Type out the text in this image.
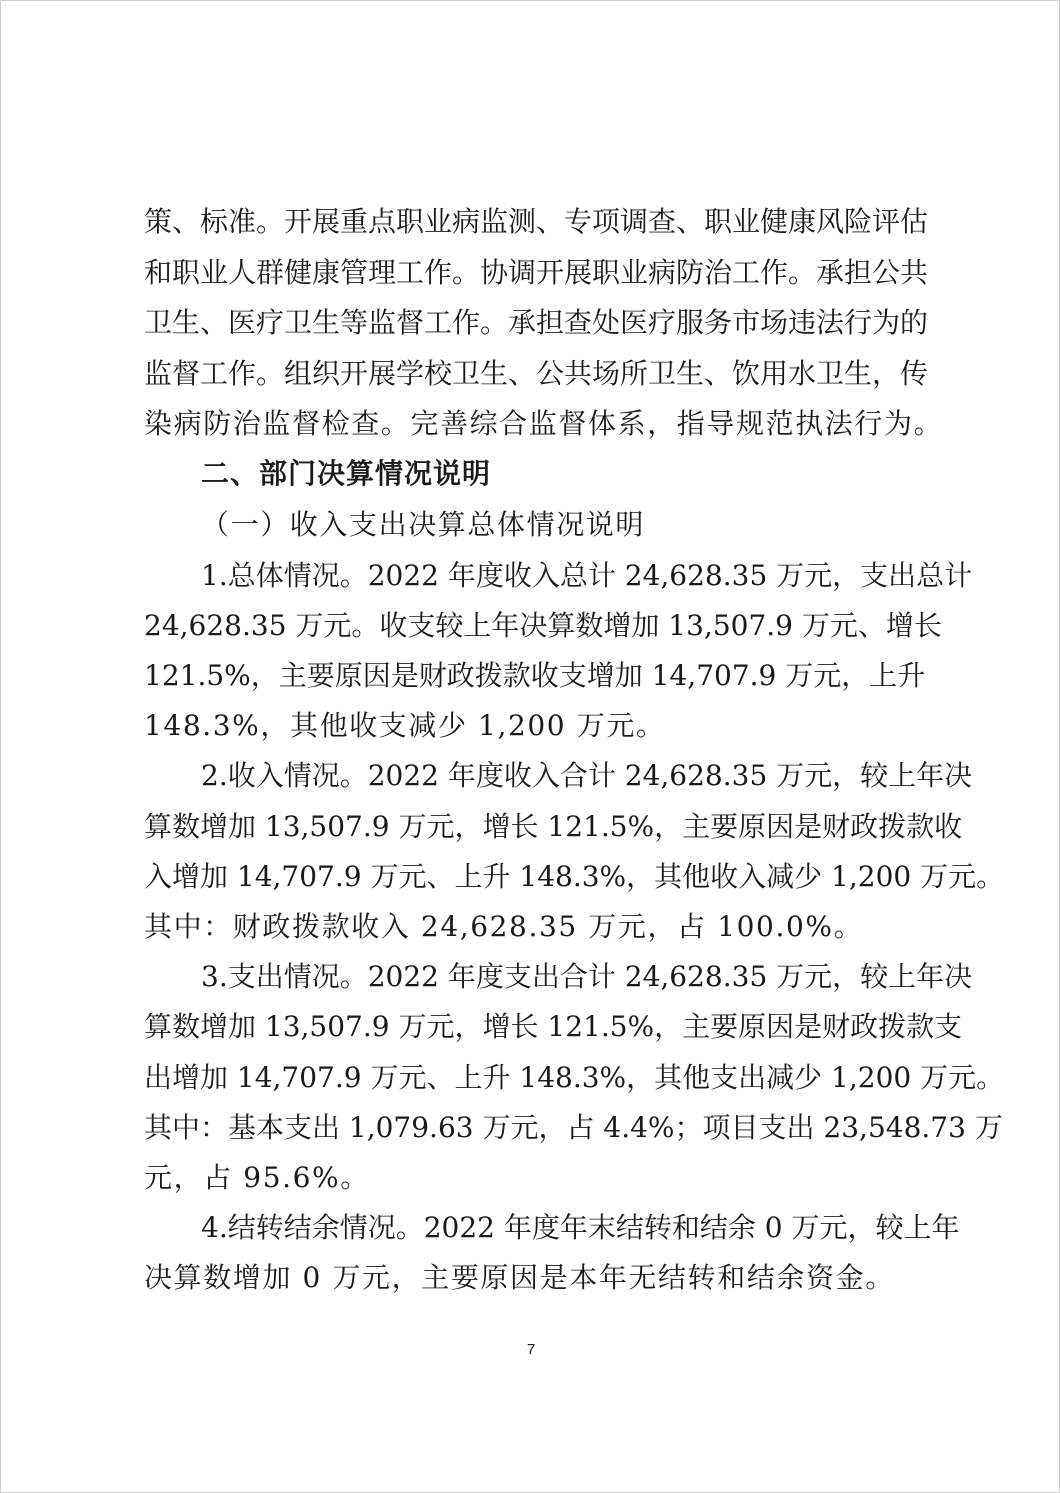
策、标准。开展重点职业病监测、专项调查、职业健康风险评估
和职业人群健康管理工作。协调开展职业病防治工作。承担公共
卫生、医疗卫生等监督工作。承担查处医疗服务市场违法行为的
监督工作。组织开展学校卫生、公共场所卫生、饮用水卫生，传
染病防治监督检查。完善综合监督体系，指导规范执法行为。
二、部门决算情况说明
（一）收入支出决算总体情况说明
1.总体情况。2022 年度收入总计 24,628.35 万元，支出总计
24,628.35 万元。收支较上年决算数增加 13,507.9 万元、增长
121.5%，主要原因是财政拨款收支增加 14,707.9 万元，上升
148.3%，其他收支减少 1,200 万元。
2.收入情况。2022 年度收入合计 24,628.35 万元，较上年决
算数增加 13,507.9 万元，增长 121.5%，主要原因是财政拨款收
入增加 14,707.9 万元、上升 148.3%，其他收入减少 1,200 万元。
其中：财政拨款收入 24,628.35 万元，占 100.0%。
3.支出情况。2022 年度支出合计 24,628.35 万元，较上年决
算数增加 13,507.9 万元，增长 121.5%，主要原因是财政拨款支
出增加 14,707.9 万元、上升 148.3%，其他支出减少 1,200 万元。
其中：基本支出 1,079.63 万元，占 4.4%；项目支出 23,548.73 万
元，占 95.6%。
4.结转结余情况。2022 年度年末结转和结余 0 万元，较上年
决算数增加 0 万元，主要原因是本年无结转和结余资金。
7
